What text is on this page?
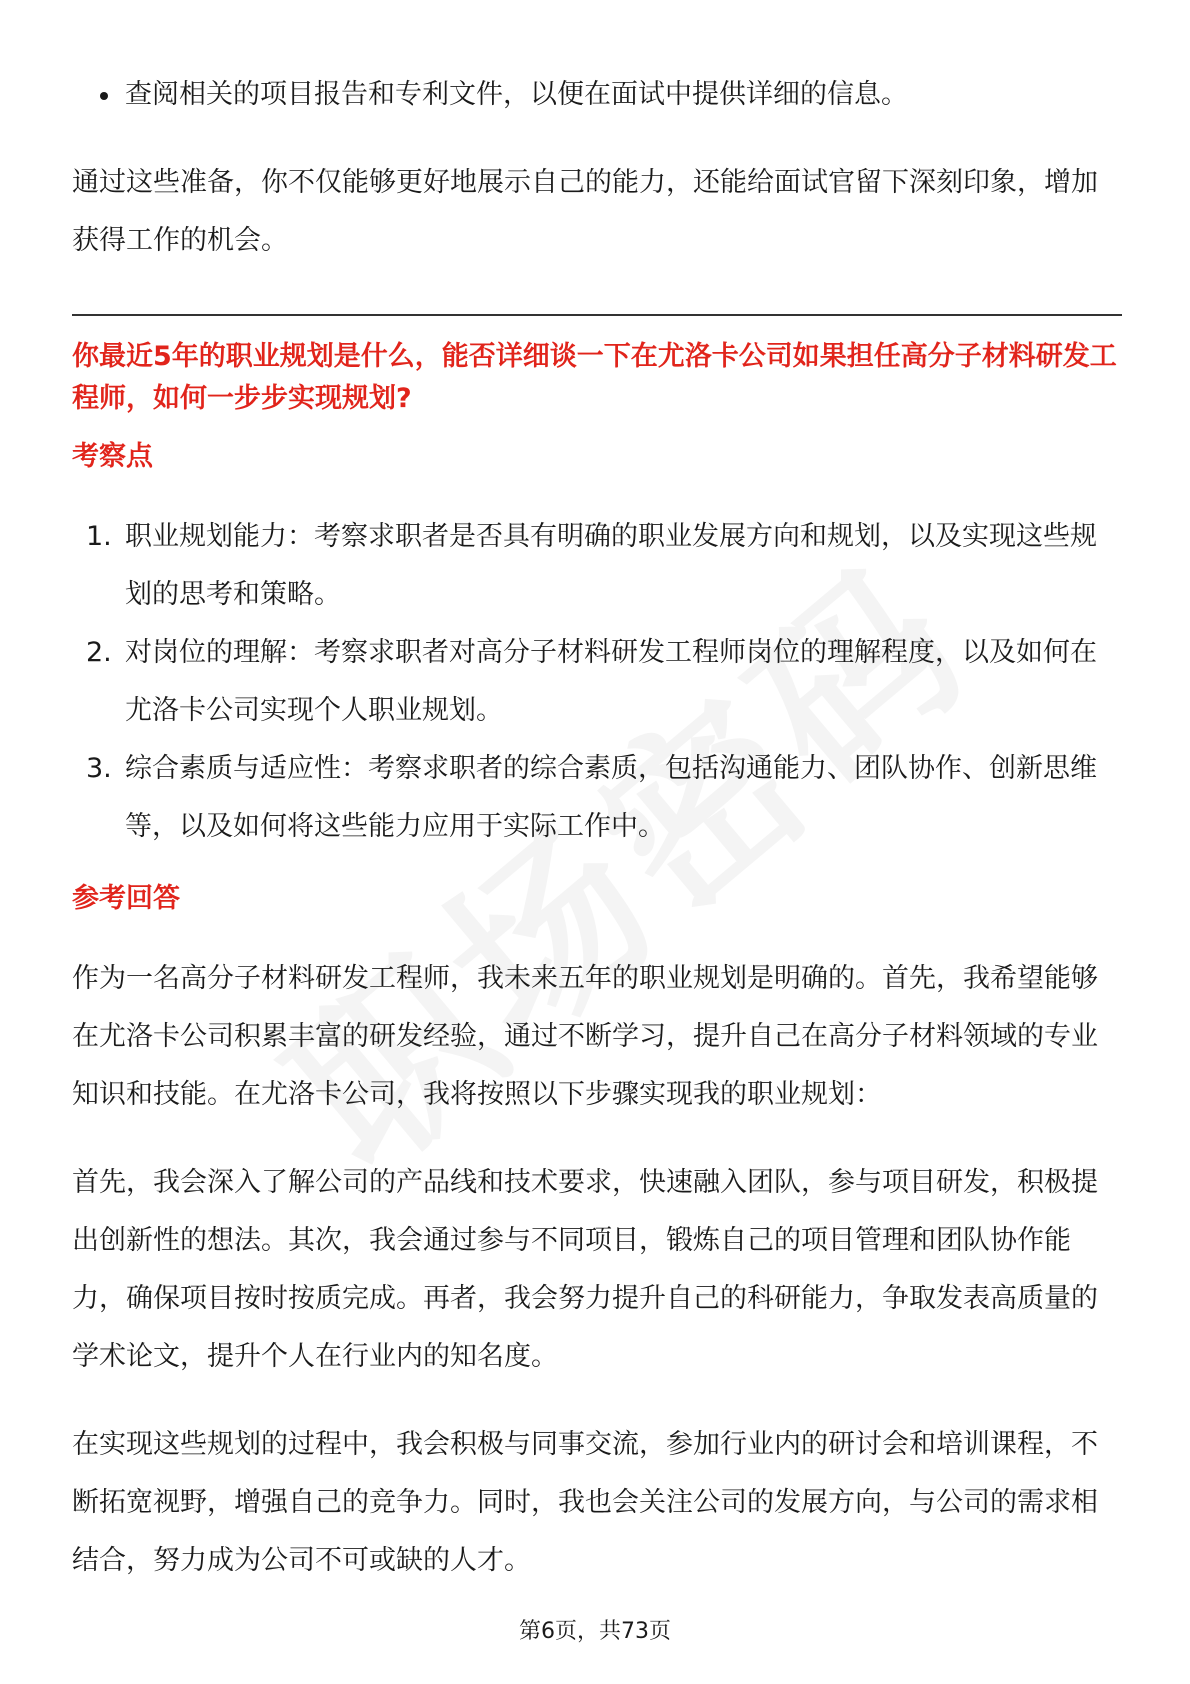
查阅相关的项目报告和专利文件，以便在面试中提供详细的信息。

通过这些准备，你不仅能够更好地展示自己的能力，还能给面试官留下深刻印象，增加获得工作的机会。

你最近5年的职业规划是什么，能否详细谈一下在尤洛卡公司如果担任高分子材料研发工程师，如何一步步实现规划?
考察点
1. 职业规划能力：考察求职者是否具有明确的职业发展方向和规划，以及实现这些规划的思考和策略。
2. 对岗位的理解：考察求职者对高分子材料研发工程师岗位的理解程度，以及如何在尤洛卡公司实现个人职业规划。
3. 综合素质与适应性：考察求职者的综合素质，包括沟通能力、团队协作、创新思维等，以及如何将这些能力应用于实际工作中。
参考回答

作为一名高分子材料研发工程师，我未来五年的职业规划是明确的。首先，我希望能够在尤洛卡公司积累丰富的研发经验，通过不断学习，提升自己在高分子材料领域的专业知识和技能。在尤洛卡公司，我将按照以下步骤实现我的职业规划：

首先，我会深入了解公司的产品线和技术要求，快速融入团队，参与项目研发，积极提出创新性的想法。其次，我会通过参与不同项目，锻炼自己的项目管理和团队协作能力，确保项目按时按质完成。再者，我会努力提升自己的科研能力，争取发表高质量的学术论文，提升个人在行业内的知名度。

在实现这些规划的过程中，我会积极与同事交流，参加行业内的研讨会和培训课程，不断拓宽视野，增强自己的竞争力。同时，我也会关注公司的发展方向，与公司的需求相结合，努力成为公司不可或缺的人才。

第6页，共73页
